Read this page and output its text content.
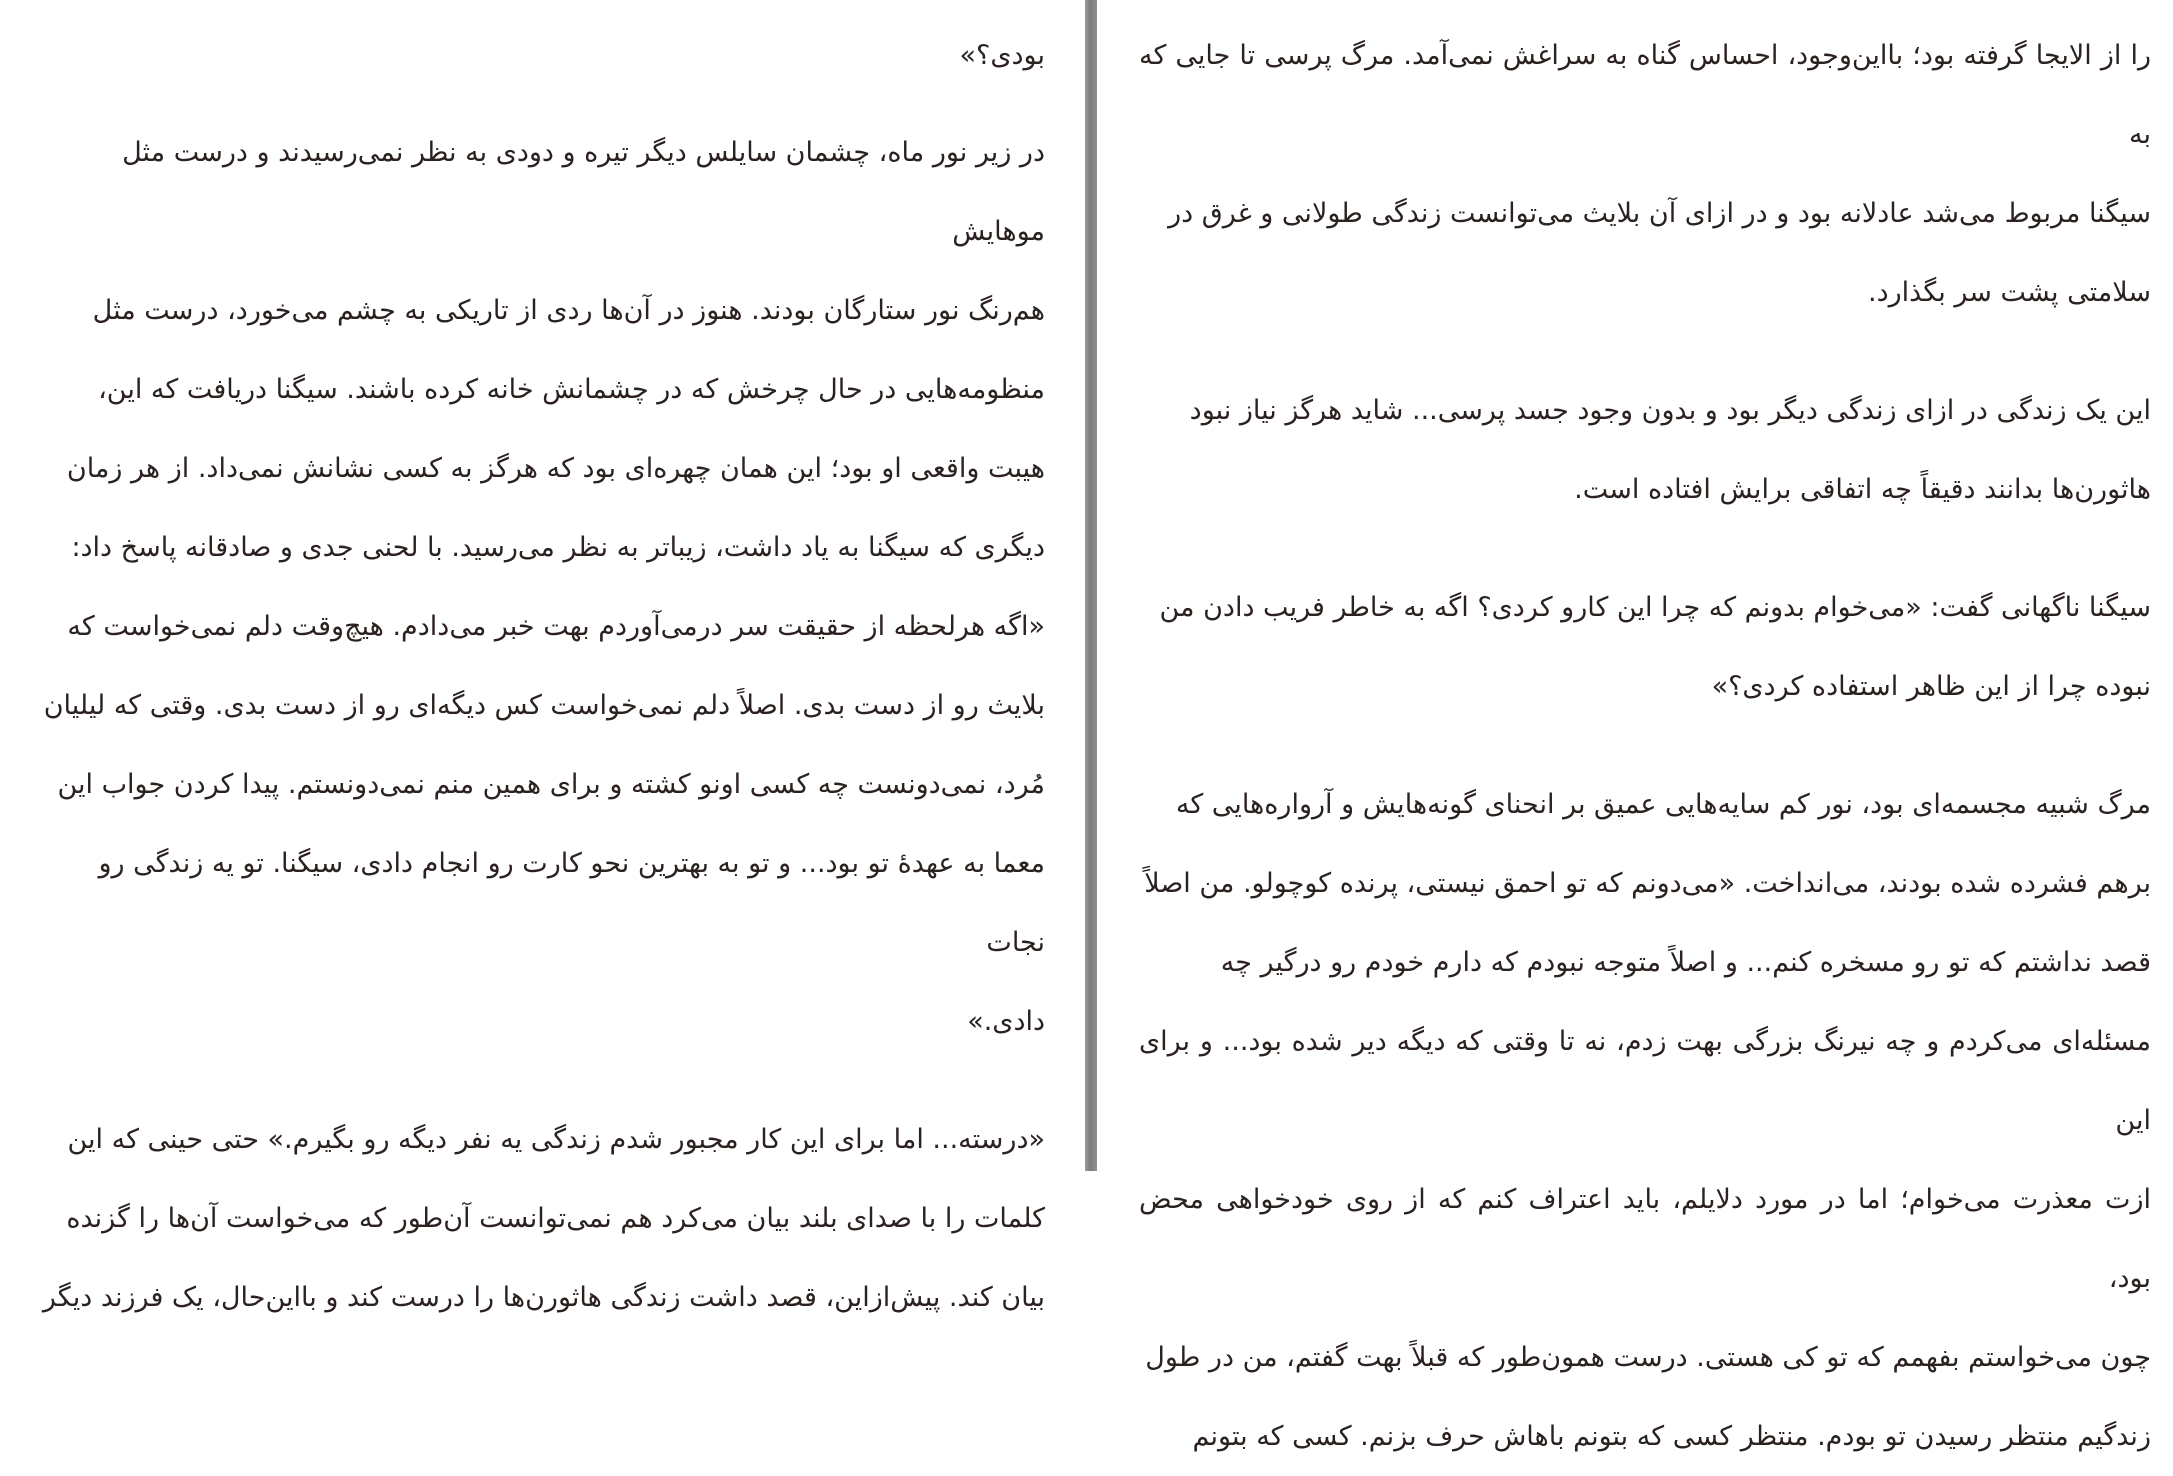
بودی؟»

در زیر نور ماه، چشمان سایلس دیگر تیره و دودی به نظر نمی‌رسیدند و درست مثل موهایش
هم‌رنگ نور ستارگان بودند. هنوز در آن‌ها ردی از تاریکی به چشم می‌خورد، درست مثل
منظومه‌هایی در حال چرخش که در چشمانش خانه کرده باشند. سیگنا دریافت که این،
هیبت واقعی او بود؛ این همان چهره‌ای بود که هرگز به کسی نشانش نمی‌داد. از هر زمان
دیگری که سیگنا به یاد داشت، زیباتر به نظر می‌رسید. با لحنی جدی و صادقانه پاسخ داد:
«اگه هرلحظه از حقیقت سر درمی‌آوردم بهت خبر می‌دادم. هیچ‌وقت دلم نمی‌خواست که
بلایث رو از دست بدی. اصلاً دلم نمی‌خواست کس دیگه‌ای رو از دست بدی. وقتی که لیلیان
مُرد، نمی‌دونست چه کسی اونو کشته و برای همین منم نمی‌دونستم. پیدا کردن جواب این
معما به عهدهٔ تو بود... و تو به بهترین نحو کارت رو انجام دادی، سیگنا. تو یه زندگی رو نجات
دادی.»

«درسته... اما برای این کار مجبور شدم زندگی یه نفر دیگه رو بگیرم.» حتی حینی که این
کلمات را با صدای بلند بیان می‌کرد هم نمی‌توانست آن‌طور که می‌خواست آن‌ها را گزنده
بیان کند. پیش‌ازاین، قصد داشت زندگی هاثورن‌ها را درست کند و بااین‌حال، یک فرزند دیگر

را از الایجا گرفته بود؛ بااین‌وجود، احساس گناه به سراغش نمی‌آمد. مرگ پرسی تا جایی که به
سیگنا مربوط می‌شد عادلانه بود و در ازای آن بلایث می‌توانست زندگی طولانی و غرق در
سلامتی پشت سر بگذارد.

این یک زندگی در ازای زندگی دیگر بود و بدون وجود جسد پرسی... شاید هرگز نیاز نبود
هاثورن‌ها بدانند دقیقاً چه اتفاقی برایش افتاده است.

سیگنا ناگهانی گفت: «می‌خوام بدونم که چرا این کارو کردی؟ اگه به خاطر فریب دادن من
نبوده چرا از این ظاهر استفاده کردی؟»

مرگ شبیه مجسمه‌ای بود، نور کم سایه‌هایی عمیق بر انحنای گونه‌هایش و آرواره‌هایی که
برهم فشرده شده بودند، می‌انداخت. «می‌دونم که تو احمق نیستی، پرنده کوچولو. من اصلاً
قصد نداشتم که تو رو مسخره کنم... و اصلاً متوجه نبودم که دارم خودم رو درگیر چه
مسئله‌ای می‌کردم و چه نیرنگ بزرگی بهت زدم، نه تا وقتی که دیگه دیر شده بود... و برای این
ازت معذرت می‌خوام؛ اما در مورد دلایلم، باید اعتراف کنم که از روی خودخواهی محض بود،
چون می‌خواستم بفهمم که تو کی هستی. درست همون‌طور که قبلاً بهت گفتم، من در طول
زندگیم منتظر رسیدن تو بودم. منتظر کسی که بتونم باهاش حرف بزنم. کسی که بتونم
